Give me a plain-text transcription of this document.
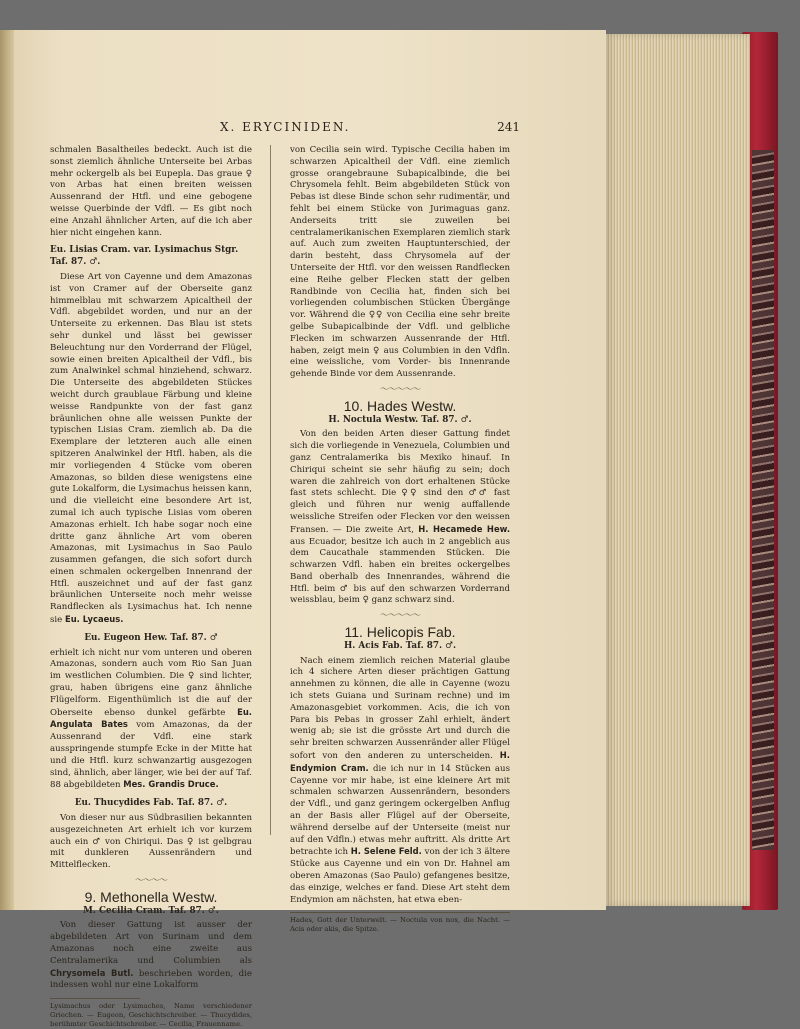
X. ERYCINIDEN.	241

schmalen Basaltheiles bedeckt. Auch ist die sonst ziemlich ähnliche Unterseite bei Arbas mehr ockergelb als bei Eupepla. Das graue ♀ von Arbas hat einen breiten weissen Aussenrand der Htfl. und eine gebogene weisse Querbinde der Vdfl. — Es gibt noch eine Anzahl ähnlicher Arten, auf die ich aber hier nicht eingehen kann.

Eu. Lisias Cram. var. Lysimachus Stgr. Taf. 87. ♂.

Diese Art von Cayenne und dem Amazonas ist von Cramer auf der Oberseite ganz himmelblau mit schwarzem Apicaltheil der Vdfl. abgebildet worden, und nur an der Unterseite zu erkennen. Das Blau ist stets sehr dunkel und lässt bei gewisser Beleuchtung nur den Vorderrand der Flügel, sowie einen breiten Apicaltheil der Vdfl., bis zum Analwinkel schmal hinziehend, schwarz. Die Unterseite des abgebildeten Stückes weicht durch graublaue Färbung und kleine weisse Randpunkte von der fast ganz bräunlichen ohne alle weissen Punkte der typischen Lisias Cram. ziemlich ab. Da die Exemplare der letzteren auch alle einen spitzeren Analwinkel der Htfl. haben, als die mir vorliegenden 4 Stücke vom oberen Amazonas, so bilden diese wenigstens eine gute Lokalform, die Lysimachus heissen kann, und die vielleicht eine besondere Art ist, zumal ich auch typische Lisias vom oberen Amazonas erhielt. Ich habe sogar noch eine dritte ganz ähnliche Art vom oberen Amazonas, mit Lysimachus in Sao Paulo zusammen gefangen, die sich sofort durch einen schmalen ockergelben Innenrand der Htfl. auszeichnet und auf der fast ganz bräunlichen Unterseite noch mehr weisse Randflecken als Lysimachus hat. Ich nenne sie Eu. Lycaeus.

Eu. Eugeon Hew. Taf. 87. ♂

erhielt ich nicht nur vom unteren und oberen Amazonas, sondern auch vom Rio San Juan im westlichen Columbien. Die ♀ sind lichter, grau, haben übrigens eine ganz ähnliche Flügelform. Eigenthümlich ist die auf der Oberseite ebenso dunkel gefärbte Eu. Angulata Bates vom Amazonas, da der Aussenrand der Vdfl. eine stark ausspringende stumpfe Ecke in der Mitte hat und die Htfl. kurz schwanzartig ausgezogen sind, ähnlich, aber länger, wie bei der auf Taf. 88 abgebildeten Mes. Grandis Druce.

Eu. Thucydides Fab. Taf. 87. ♂.

Von dieser nur aus Südbrasilien bekannten ausgezeichneten Art erhielt ich vor kurzem auch ein ♂ von Chiriqui. Das ♀ ist gelbgrau mit dunkleren Aussenrändern und Mittelflecken.

〜〜〜〜
9. Methonella Westw.
M. Cecilia Cram. Taf. 87. ♂.

Von dieser Gattung ist ausser der abgebildeten Art von Surinam und dem Amazonas noch eine zweite aus Centralamerika und Columbien als Chrysomela Butl. beschrieben worden, die indessen wohl nur eine Lokalform

Lysimachus oder Lysimaches, Name verschiedener Griechen. — Eugeon, Geschichtschreiber. — Thucydides, berühmter Geschichtschreiber. — Cecilia, Frauenname.

von Cecilia sein wird. Typische Cecilia haben im schwarzen Apicaltheil der Vdfl. eine ziemlich grosse orangebraune Subapicalbinde, die bei Chrysomela fehlt. Beim abgebildeten Stück von Pebas ist diese Binde schon sehr rudimentär, und fehlt bei einem Stücke von Jurimaguas ganz. Anderseits tritt sie zuweilen bei centralamerikanischen Exemplaren ziemlich stark auf. Auch zum zweiten Hauptunterschied, der darin besteht, dass Chrysomela auf der Unterseite der Htfl. vor den weissen Randflecken eine Reihe gelber Flecken statt der gelben Randbinde von Cecilia hat, finden sich bei vorliegenden columbischen Stücken Übergänge vor. Während die ♀♀ von Cecilia eine sehr breite gelbe Subapicalbinde der Vdfl. und gelbliche Flecken im schwarzen Aussenrande der Htfl. haben, zeigt mein ♀ aus Columbien in den Vdfln. eine weissliche, vom Vorder- bis Innenrande gehende Binde vor dem Aussenrande.

〜〜〜〜〜
10. Hades Westw.
H. Noctula Westw. Taf. 87. ♂.

Von den beiden Arten dieser Gattung findet sich die vorliegende in Venezuela, Columbien und ganz Centralamerika bis Mexiko hinauf. In Chiriqui scheint sie sehr häufig zu sein; doch waren die zahlreich von dort erhaltenen Stücke fast stets schlecht. Die ♀♀ sind den ♂♂ fast gleich und führen nur wenig auffallende weissliche Streifen oder Flecken vor den weissen Fransen. — Die zweite Art, H. Hecamede Hew. aus Ecuador, besitze ich auch in 2 angeblich aus dem Caucathale stammenden Stücken. Die schwarzen Vdfl. haben ein breites ockergelbes Band oberhalb des Innenrandes, während die Htfl. beim ♂ bis auf den schwarzen Vorderrand weissblau, beim ♀ ganz schwarz sind.

〜〜〜〜〜
11. Helicopis Fab.
H. Acis Fab. Taf. 87. ♂.

Nach einem ziemlich reichen Material glaube ich 4 sichere Arten dieser prächtigen Gattung annehmen zu können, die alle in Cayenne (wozu ich stets Guiana und Surinam rechne) und im Amazonasgebiet vorkommen. Acis, die ich von Para bis Pebas in grosser Zahl erhielt, ändert wenig ab; sie ist die grösste Art und durch die sehr breiten schwarzen Aussenränder aller Flügel sofort von den anderen zu unterscheiden. H. Endymion Cram. die ich nur in 14 Stücken aus Cayenne vor mir habe, ist eine kleinere Art mit schmalen schwarzen Aussenrändern, besonders der Vdfl., und ganz geringem ockergelben Anflug an der Basis aller Flügel auf der Oberseite, während derselbe auf der Unterseite (meist nur auf den Vdfln.) etwas mehr auftritt. Als dritte Art betrachte ich H. Selene Feld. von der ich 3 ältere Stücke aus Cayenne und ein von Dr. Hahnel am oberen Amazonas (Sao Paulo) gefangenes besitze, das einzige, welches er fand. Diese Art steht dem Endymion am nächsten, hat etwa eben-

Hades, Gott der Unterwelt. — Noctula von nox, die Nacht. — Acis oder akis, die Spitze.
